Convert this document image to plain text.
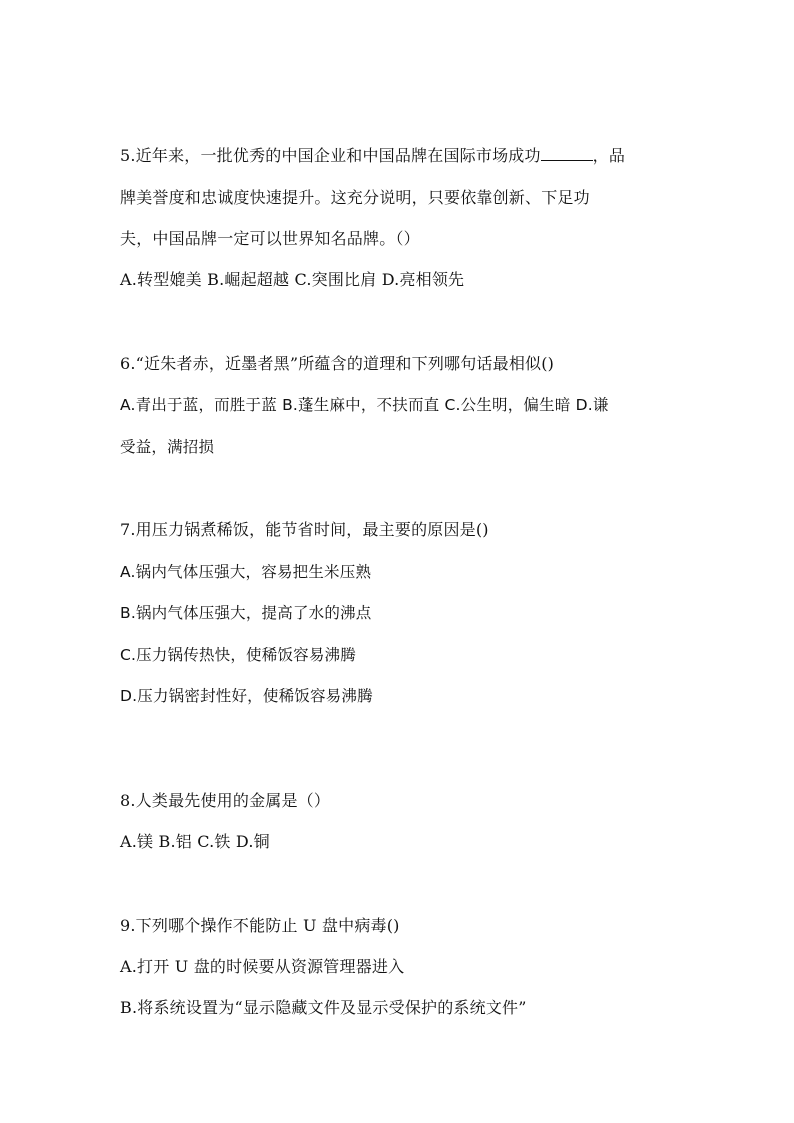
5.近年来，一批优秀的中国企业和中国品牌在国际市场成功	，品
牌美誉度和忠诚度快速提升。这充分说明，只要依靠创新、下足功
夫，中国品牌一定可以世界知名品牌。（）
A.转型媲美 B.崛起超越 C.突围比肩 D.亮相领先
6.“近朱者赤，近墨者黑”所蕴含的道理和下列哪句话最相似()
A.青出于蓝，而胜于蓝 B.蓬生麻中，不扶而直 C.公生明，偏生暗 D.谦
受益，满招损
7.用压力锅煮稀饭，能节省时间，最主要的原因是()
A.锅内气体压强大，容易把生米压熟
B.锅内气体压强大，提高了水的沸点
C.压力锅传热快，使稀饭容易沸腾
D.压力锅密封性好，使稀饭容易沸腾
8.人类最先使用的金属是（）
A.镁 B.铝 C.铁 D.铜
9.下列哪个操作不能防止 U 盘中病毒()
A.打开 U 盘的时候要从资源管理器进入
B.将系统设置为“显示隐藏文件及显示受保护的系统文件”
